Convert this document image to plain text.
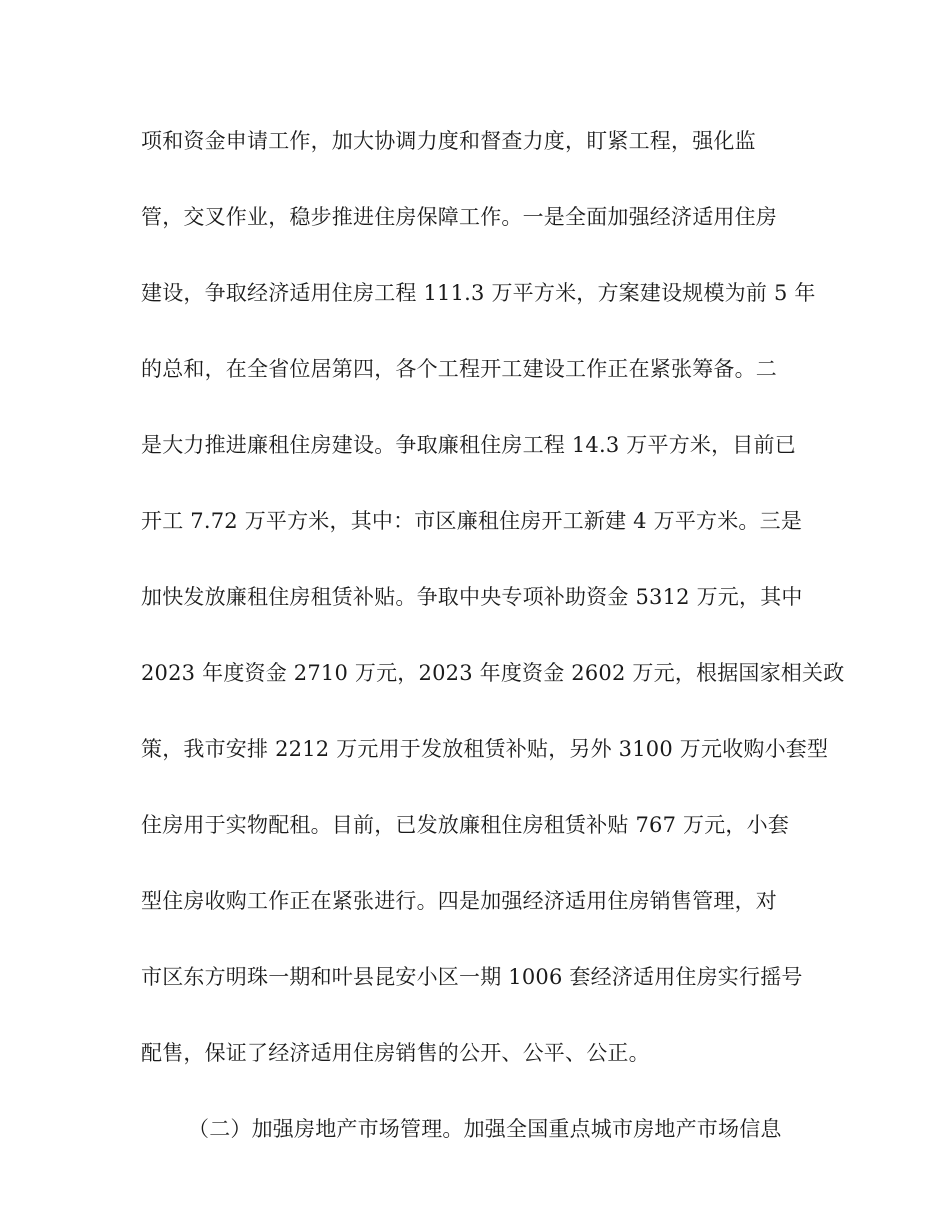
项和资金申请工作，加大协调力度和督查力度，盯紧工程，强化监
管，交叉作业，稳步推进住房保障工作。一是全面加强经济适用住房
建设，争取经济适用住房工程 111.3 万平方米，方案建设规模为前 5 年
的总和，在全省位居第四，各个工程开工建设工作正在紧张筹备。二
是大力推进廉租住房建设。争取廉租住房工程 14.3 万平方米，目前已
开工 7.72 万平方米，其中：市区廉租住房开工新建 4 万平方米。三是
加快发放廉租住房租赁补贴。争取中央专项补助资金 5312 万元，其中
2023 年度资金 2710 万元，2023 年度资金 2602 万元，根据国家相关政
策，我市安排 2212 万元用于发放租赁补贴，另外 3100 万元收购小套型
住房用于实物配租。目前，已发放廉租住房租赁补贴 767 万元，小套
型住房收购工作正在紧张进行。四是加强经济适用住房销售管理，对
市区东方明珠一期和叶县昆安小区一期 1006 套经济适用住房实行摇号
配售，保证了经济适用住房销售的公开、公平、公正。
（二）加强房地产市场管理。加强全国重点城市房地产市场信息
